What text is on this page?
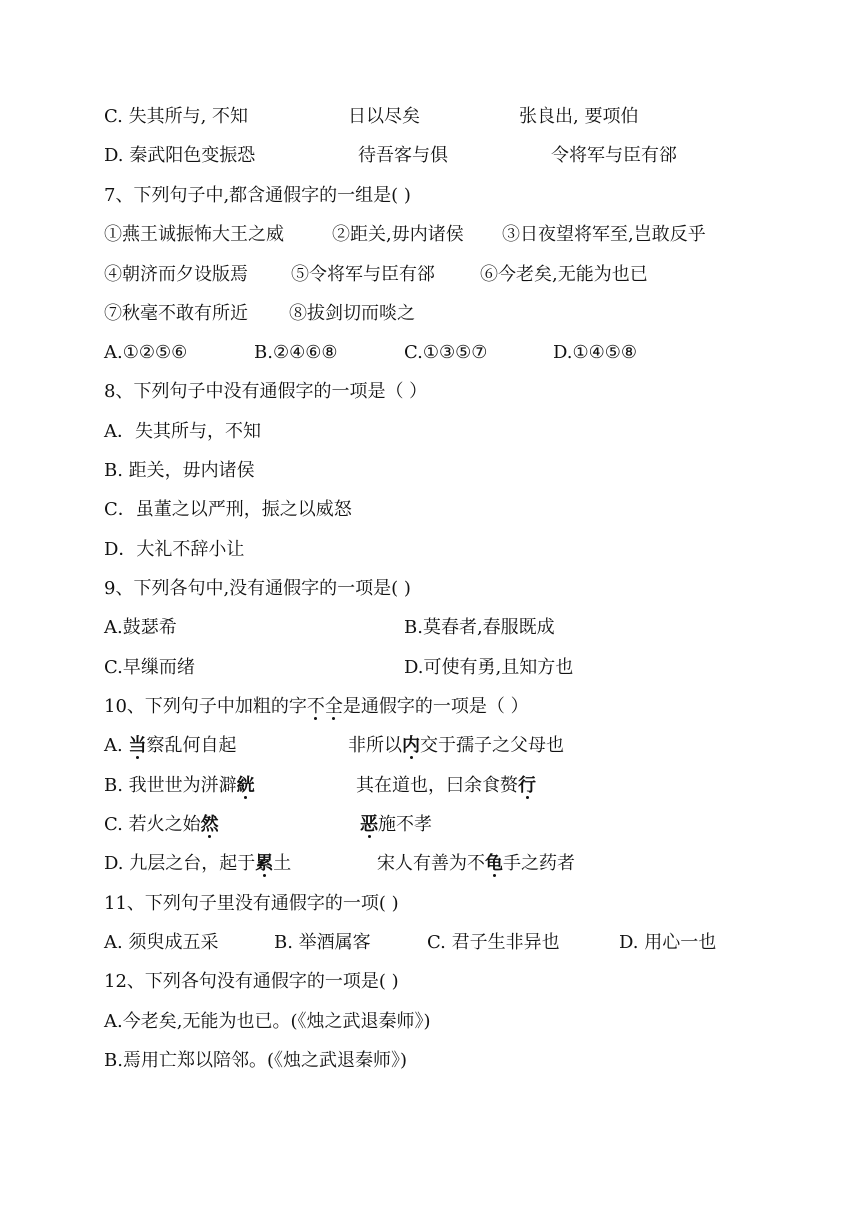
C. 失其所与, 不知	日以尽矣	张良出, 要项伯
D. 秦武阳色变振恐	待吾客与俱	令将军与臣有郤
7、下列句子中,都含通假字的一组是( )
①燕王诚振怖大王之威	②距关,毋内诸侯 ③日夜望将军至,岂敢反乎
④朝济而夕设版焉 ⑤令将军与臣有郤	⑥今老矣,无能为也已
⑦秋毫不敢有所近 ⑧拔剑切而啖之
A.①②⑤⑥	B.②④⑥⑧	C.①③⑤⑦	D.①④⑤⑧
8、下列句子中没有通假字的一项是（ ）
A．失其所与，不知
B. 距关，毋内诸侯
C．虽董之以严刑，振之以威怒
D．大礼不辞小让
9、下列各句中,没有通假字的一项是( )
A.鼓瑟希	B.莫春者,春服既成
C.早缫而绪	D.可使有勇,且知方也
10、下列句子中加粗的字不全是通假字的一项是（ ）
A. 当察乱何自起	非所以内交于孺子之父母也
B. 我世世为洴澼絖	其在道也，曰余食赘行
C. 若火之始然	恶施不孝
D. 九层之台，起于累土	宋人有善为不龟手之药者
11、下列句子里没有通假字的一项( )
A. 须臾成五采	B. 举酒属客	C. 君子生非异也	D. 用心一也
12、下列各句没有通假字的一项是( )
A.今老矣,无能为也已。(《烛之武退秦师》)
B.焉用亡郑以陪邻。(《烛之武退秦师》)
